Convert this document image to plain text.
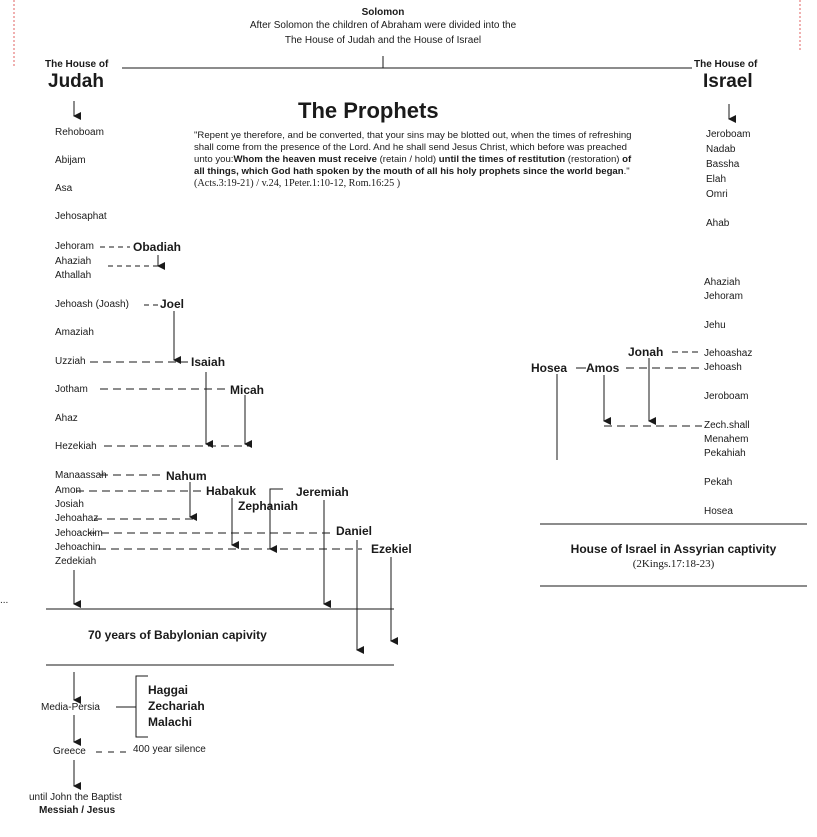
Solomon
After Solomon the children of Abraham were divided into the
The House of Judah and the House of Israel
The House of
Judah
The House of
Israel
The Prophets
"Repent ye therefore, and be converted, that your sins may be blotted out, when the times of refreshing shall come from the presence of the Lord. And he shall send Jesus Christ, which before was preached unto you:Whom the heaven must receive (retain / hold) until the times of restitution (restoration) of all things, which God hath spoken by the mouth of all his holy prophets since the world began." (Acts.3:19-21) / v.24, 1Peter.1:10-12, Rom.16:25 )
Rehoboam
Abijam
Asa
Jehosaphat
Jehoram
Ahaziah
Athallah
Jehoash (Joash)
Amaziah
Uzziah
Jotham
Ahaz
Hezekiah
Manaassah
Amon
Josiah
Jehoahaz
Jehoackim
Jehoachin
Zedekiah
Jeroboam
Nadab
Bassha
Elah
Omri
Ahab
Ahaziah
Jehoram
Jehu
Jehoashaz
Jehoash
Jeroboam
Zech.shall
Menahem
Pekahiah
Pekah
Hosea
Obadiah
Joel
Isaiah
Micah
Nahum
Habakuk
Zephaniah
Jeremiah
Daniel
Ezekiel
Hosea Amos
Jonah
70 years of Babylonian capivity
House of Israel in Assyrian captivity
(2Kings.17:18-23)
Media-Persia
Haggai
Zechariah
Malachi
Greece	400 year silence
until John the Baptist
Messiah / Jesus
...
